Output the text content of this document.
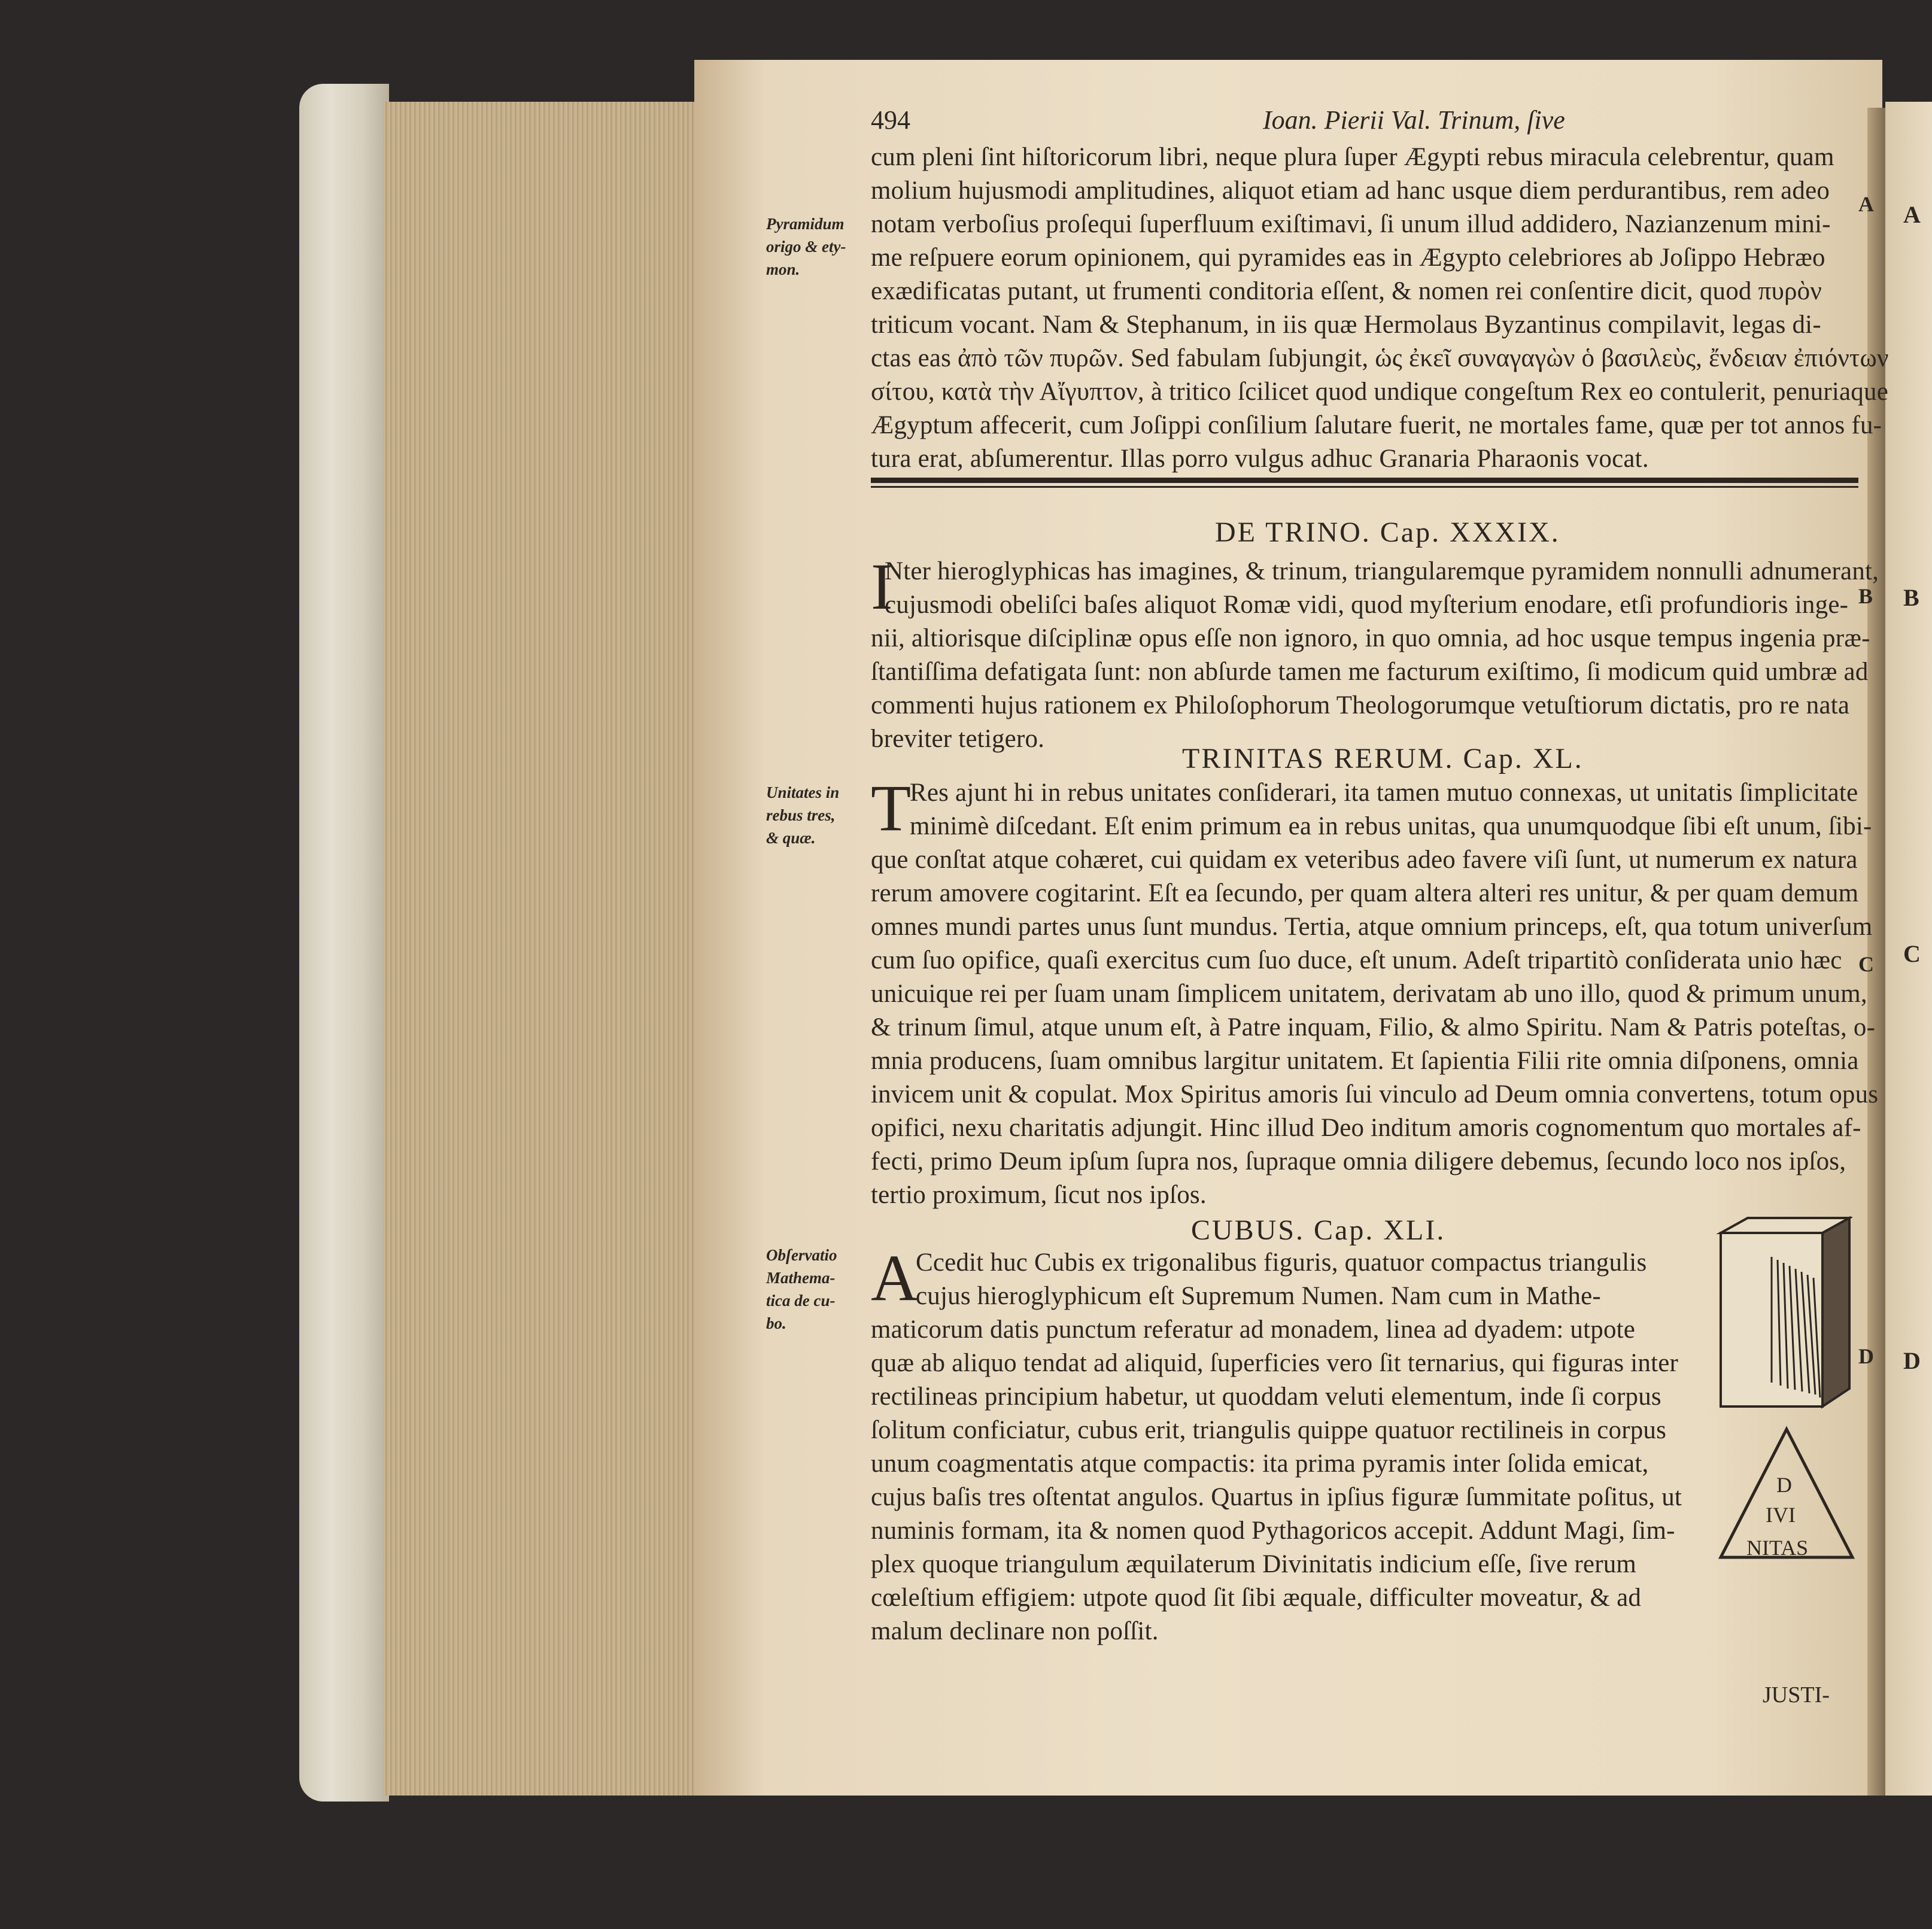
494	Ioan. Pierii Val. Trinum, ſive
cum pleni ſint hiſtoricorum libri, neque plura ſuper Ægypti rebus miracula celebrentur, quam
molium hujusmodi amplitudines, aliquot etiam ad hanc usque diem perdurantibus, rem adeo
notam verboſius proſequi ſuperfluum exiſtimavi, ſi unum illud addidero, Nazianzenum mini-
me reſpuere eorum opinionem, qui pyramides eas in Ægypto celebriores ab Joſippo Hebræo
exædificatas putant, ut frumenti conditoria eſſent, & nomen rei conſentire dicit, quod πυρὸν
triticum vocant. Nam & Stephanum, in iis quæ Hermolaus Byzantinus compilavit, legas di-
ctas eas ἀπὸ τῶν πυρῶν. Sed fabulam ſubjungit, ὡς ἐκεῖ συναγαγὼν ὁ βασιλεὺς, ἔνδειαν ἐπιόντων
σίτου, κατὰ τὴν Αἴγυπτον, à tritico ſcilicet quod undique congeſtum Rex eo contulerit, penuriaque
Ægyptum affecerit, cum Joſippi conſilium ſalutare fuerit, ne mortales fame, quæ per tot annos fu-
tura erat, abſumerentur. Illas porro vulgus adhuc Granaria Pharaonis vocat.
Pyramidum
origo & ety-
mon.
A
DE TRINO. Cap. XXXIX.
I
Nter hieroglyphicas has imagines, & trinum, triangularemque pyramidem nonnulli adnumerant,
cujusmodi obeliſci baſes aliquot Romæ vidi, quod myſterium enodare, etſi profundioris inge-
nii, altiorisque diſciplinæ opus eſſe non ignoro, in quo omnia, ad hoc usque tempus ingenia præ-
ſtantiſſima defatigata ſunt: non abſurde tamen me facturum exiſtimo, ſi modicum quid umbræ ad
commenti hujus rationem ex Philoſophorum Theologorumque vetuſtiorum dictatis, pro re nata
breviter tetigero.
B
TRINITAS RERUM. Cap. XL.
Unitates in
rebus tres,
& quæ. T
Res ajunt hi in rebus unitates conſiderari, ita tamen mutuo connexas, ut unitatis ſimplicitate
minimè diſcedant. Eſt enim primum ea in rebus unitas, qua unumquodque ſibi eſt unum, ſibi-
que conſtat atque cohæret, cui quidam ex veteribus adeo favere viſi ſunt, ut numerum ex natura
rerum amovere cogitarint. Eſt ea ſecundo, per quam altera alteri res unitur, & per quam demum
omnes mundi partes unus ſunt mundus. Tertia, atque omnium princeps, eſt, qua totum univerſum
cum ſuo opifice, quaſi exercitus cum ſuo duce, eſt unum. Adeſt tripartitò conſiderata unio hæc
unicuique rei per ſuam unam ſimplicem unitatem, derivatam ab uno illo, quod & primum unum,
& trinum ſimul, atque unum eſt, à Patre inquam, Filio, & almo Spiritu. Nam & Patris poteſtas, o-
mnia producens, ſuam omnibus largitur unitatem. Et ſapientia Filii rite omnia diſponens, omnia
invicem unit & copulat. Mox Spiritus amoris ſui vinculo ad Deum omnia convertens, totum opus
opifici, nexu charitatis adjungit. Hinc illud Deo inditum amoris cognomentum quo mortales af-
fecti, primo Deum ipſum ſupra nos, ſupraque omnia diligere debemus, ſecundo loco nos ipſos,
tertio proximum, ſicut nos ipſos.
C
CUBUS. Cap. XLI.
Obſervatio
Mathema-
tica de cu-
bo.
A
Ccedit huc Cubis ex trigonalibus figuris, quatuor compactus triangulis
cujus hieroglyphicum eſt Supremum Numen. Nam cum in Mathe-
maticorum datis punctum referatur ad monadem, linea ad dyadem: utpote
quæ ab aliquo tendat ad aliquid, ſuperficies vero ſit ternarius, qui figuras inter
rectilineas principium habetur, ut quoddam veluti elementum, inde ſi corpus
ſolitum conficiatur, cubus erit, triangulis quippe quatuor rectilineis in corpus
unum coagmentatis atque compactis: ita prima pyramis inter ſolida emicat,
cujus baſis tres oſtentat angulos. Quartus in ipſius figuræ ſummitate poſitus, ut
numinis formam, ita & nomen quod Pythagoricos accepit. Addunt Magi, ſim-
plex quoque triangulum æquilaterum Divinitatis indicium eſſe, ſive rerum
cœleſtium effigiem: utpote quod ſit ſibi æquale, difficulter moveatur, & ad
malum declinare non poſſit.
D
D
IVI
NITAS
JUSTI-
A
B
C
D
